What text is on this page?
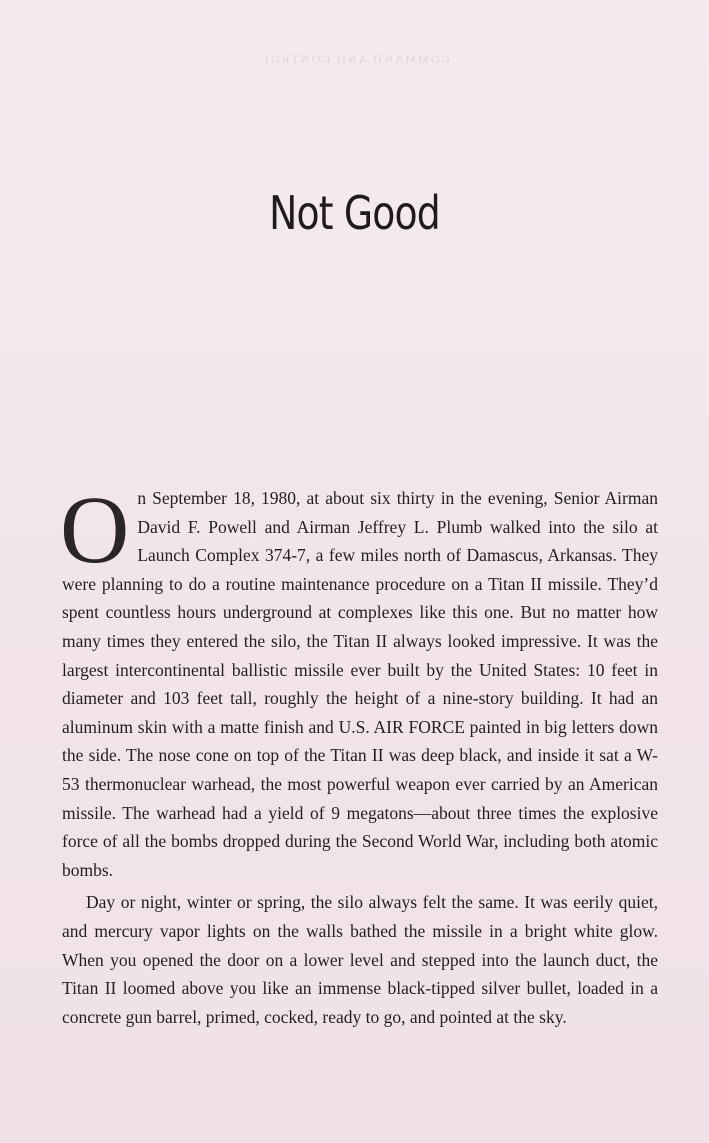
COMMAND AND CONTROL
Not Good

On September 18, 1980, at about six thirty in the evening, Senior Airman David F. Powell and Airman Jeffrey L. Plumb walked into the silo at Launch Complex 374-7, a few miles north of Damascus, Arkansas. They were planning to do a routine maintenance procedure on a Titan II missile. They’d spent countless hours underground at complexes like this one. But no matter how many times they entered the silo, the Titan II always looked impressive. It was the largest intercontinental ballistic missile ever built by the United States: 10 feet in diameter and 103 feet tall, roughly the height of a nine-story building. It had an aluminum skin with a matte finish and U.S. AIR FORCE painted in big letters down the side. The nose cone on top of the Titan II was deep black, and inside it sat a W-53 thermonuclear warhead, the most powerful weapon ever carried by an American missile. The warhead had a yield of 9 megatons—about three times the explosive force of all the bombs dropped during the Second World War, including both atomic bombs.

Day or night, winter or spring, the silo always felt the same. It was eerily quiet, and mercury vapor lights on the walls bathed the missile in a bright white glow. When you opened the door on a lower level and stepped into the launch duct, the Titan II loomed above you like an immense black-tipped silver bullet, loaded in a concrete gun barrel, primed, cocked, ready to go, and pointed at the sky.
